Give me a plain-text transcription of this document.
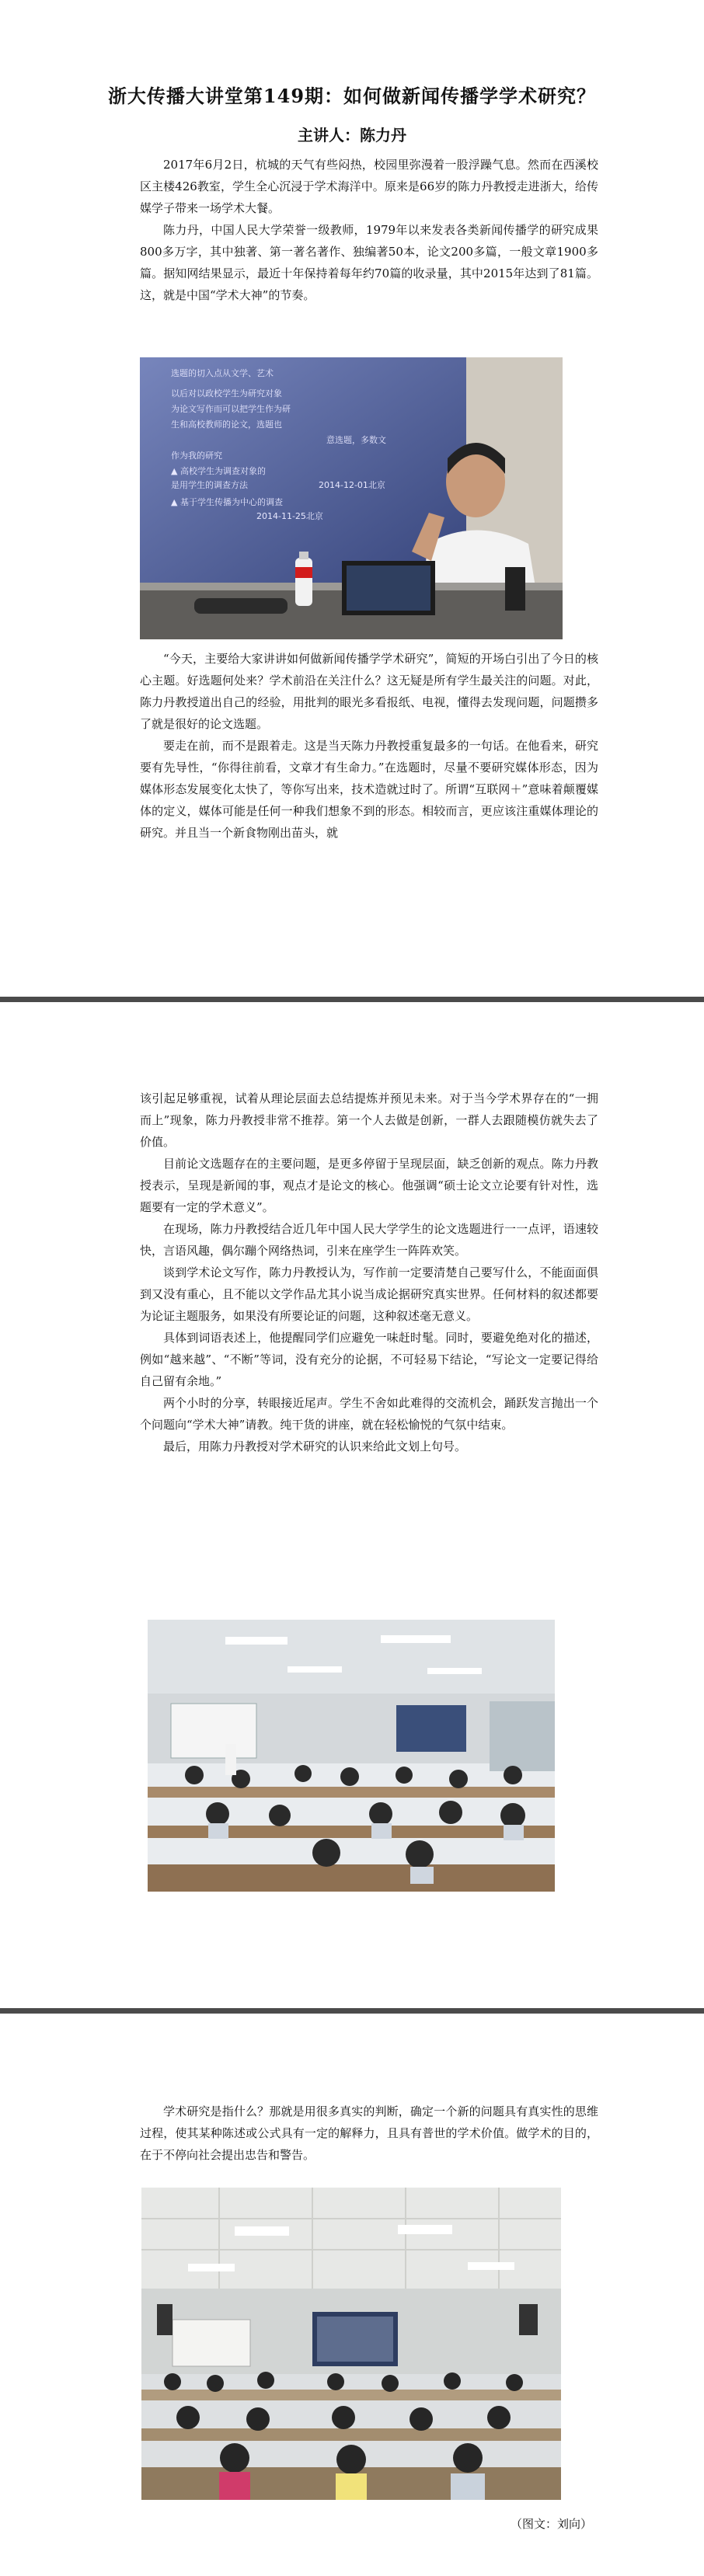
浙大传播大讲堂第149期：如何做新闻传播学学术研究？
主讲人：陈力丹

2017年6月2日，杭城的天气有些闷热，校园里弥漫着一股浮躁气息。然而在西溪校区主楼426教室，学生全心沉浸于学术海洋中。原来是66岁的陈力丹教授走进浙大，给传媒学子带来一场学术大餐。

陈力丹，中国人民大学荣誉一级教师，1979年以来发表各类新闻传播学的研究成果800多万字，其中独著、第一著名著作、独编著50本，论文200多篇，一般文章1900多篇。据知网结果显示，最近十年保持着每年约70篇的收录量，其中2015年达到了81篇。这，就是中国“学术大神”的节奏。

选题的切入点从文学、艺术
以后对以政校学生为研究对象
为论文写作而可以把学生作为研
生和高校教师的论文，选题也
意选题，多数文
作为我的研究
▲ 高校学生为调查对象的
是用学生的调查方法	2014-12-01北京
▲ 基于学生传播为中心的调查
2014-11-25北京

“今天，主要给大家讲讲如何做新闻传播学学术研究”，简短的开场白引出了今日的核心主题。好选题何处来？学术前沿在关注什么？这无疑是所有学生最关注的问题。对此，陈力丹教授道出自己的经验，用批判的眼光多看报纸、电视，懂得去发现问题，问题攒多了就是很好的论文选题。

要走在前，而不是跟着走。这是当天陈力丹教授重复最多的一句话。在他看来，研究要有先导性，“你得往前看，文章才有生命力。”在选题时，尽量不要研究媒体形态，因为媒体形态发展变化太快了，等你写出来，技术造就过时了。所谓“互联网＋”意味着颠覆媒体的定义，媒体可能是任何一种我们想象不到的形态。相较而言，更应该注重媒体理论的研究。并且当一个新食物刚出苗头，就

该引起足够重视，试着从理论层面去总结提炼并预见未来。对于当今学术界存在的“一拥而上”现象，陈力丹教授非常不推荐。第一个人去做是创新，一群人去跟随模仿就失去了价值。

目前论文选题存在的主要问题，是更多停留于呈现层面，缺乏创新的观点。陈力丹教授表示，呈现是新闻的事，观点才是论文的核心。他强调“硕士论文立论要有针对性，选题要有一定的学术意义”。

在现场，陈力丹教授结合近几年中国人民大学学生的论文选题进行一一点评，语速较快，言语风趣，偶尔蹦个网络热词，引来在座学生一阵阵欢笑。

谈到学术论文写作，陈力丹教授认为，写作前一定要清楚自己要写什么，不能面面俱到又没有重心，且不能以文学作品尤其小说当成论据研究真实世界。任何材料的叙述都要为论证主题服务，如果没有所要论证的问题，这种叙述毫无意义。

具体到词语表述上，他提醒同学们应避免一味赶时髦。同时，要避免绝对化的描述，例如“越来越”、“不断”等词，没有充分的论据，不可轻易下结论，“写论文一定要记得给自己留有余地。”

两个小时的分享，转眼接近尾声。学生不舍如此难得的交流机会，踊跃发言抛出一个个问题向“学术大神”请教。纯干货的讲座，就在轻松愉悦的气氛中结束。

最后，用陈力丹教授对学术研究的认识来给此文划上句号。

学术研究是指什么？那就是用很多真实的判断，确定一个新的问题具有真实性的思维过程，使其某种陈述或公式具有一定的解释力，且具有普世的学术价值。做学术的目的，在于不停向社会提出忠告和警告。

（图文：刘向）
